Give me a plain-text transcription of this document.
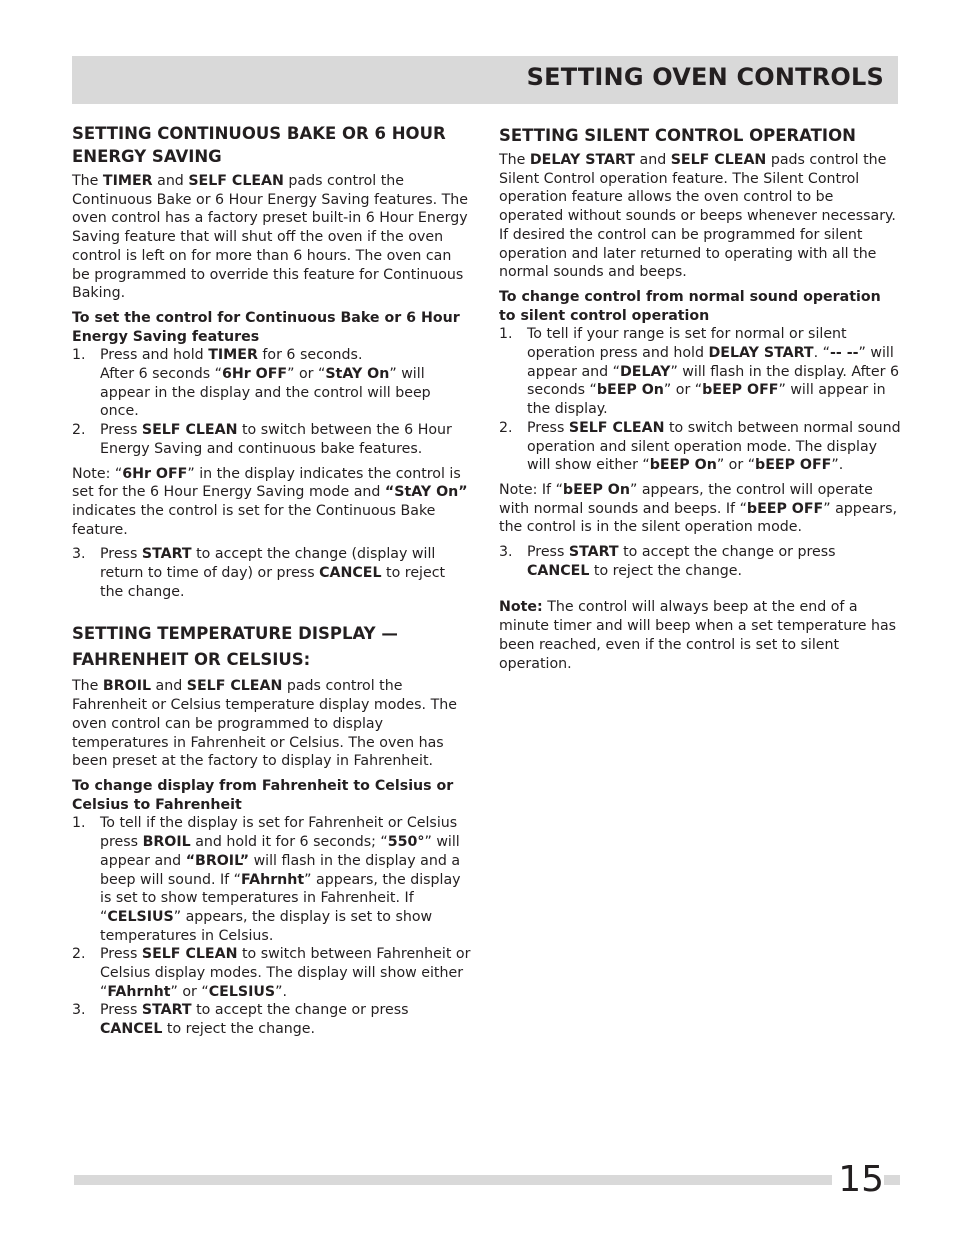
SETTING OVEN CONTROLS
SETTING CONTINUOUS BAKE OR 6 HOUR ENERGY SAVING

The TIMER and SELF CLEAN pads control the Continuous Bake or 6 Hour Energy Saving features. The oven control has a factory preset built-in 6 Hour Energy Saving feature that will shut off the oven if the oven control is left on for more than 6 hours. The oven can be programmed to override this feature for Continuous Baking.

To set the control for Continuous Bake or 6 Hour Energy Saving features
1.	Press and hold TIMER for 6 seconds.
After 6 seconds “6Hr OFF” or “StAY On” will appear in the display and the control will beep once.
2.	Press SELF CLEAN to switch between the 6 Hour Energy Saving and continuous bake features.

Note: “6Hr OFF” in the display indicates the control is set for the 6 Hour Energy Saving mode and “StAY On” indicates the control is set for the Continuous Bake feature.

3.	Press START to accept the change (display will return to time of day) or press CANCEL to reject the change.
SETTING TEMPERATURE DISPLAY —
FAHRENHEIT OR CELSIUS:

The BROIL and SELF CLEAN pads control the Fahrenheit or Celsius temperature display modes. The oven control can be programmed to display temperatures in Fahrenheit or Celsius. The oven has been preset at the factory to display in Fahrenheit.

To change display from Fahrenheit to Celsius or Celsius to Fahrenheit
1.	To tell if the display is set for Fahrenheit or Celsius press BROIL and hold it for 6 seconds; “550°” will appear and “BROIL” will flash in the display and a beep will sound. If “FAhrnht” appears, the display is set to show temperatures in Fahrenheit. If “CELSIUS” appears, the display is set to show temperatures in Celsius.
2.	Press SELF CLEAN to switch between Fahrenheit or Celsius display modes. The display will show either “FAhrnht” or “CELSIUS”.
3.	Press START to accept the change or press CANCEL to reject the change.
SETTING SILENT CONTROL OPERATION

The DELAY START and SELF CLEAN pads control the Silent Control operation feature. The Silent Control operation feature allows the oven control to be operated without sounds or beeps whenever necessary. If desired the control can be programmed for silent operation and later returned to operating with all the normal sounds and beeps.

To change control from normal sound operation to silent control operation
1.	To tell if your range is set for normal or silent operation press and hold DELAY START. “-- --” will appear and “DELAY” will flash in the display. After 6 seconds “bEEP On” or “bEEP OFF” will appear in the display.
2.	Press SELF CLEAN to switch between normal sound operation and silent operation mode. The display will show either “bEEP On” or “bEEP OFF”.

Note: If “bEEP On” appears, the control will operate with normal sounds and beeps. If “bEEP OFF” appears, the control is in the silent operation mode.

3.	Press START to accept the change or press CANCEL to reject the change.

Note: The control will always beep at the end of a minute timer and will beep when a set temperature has been reached, even if the control is set to silent operation.

15
